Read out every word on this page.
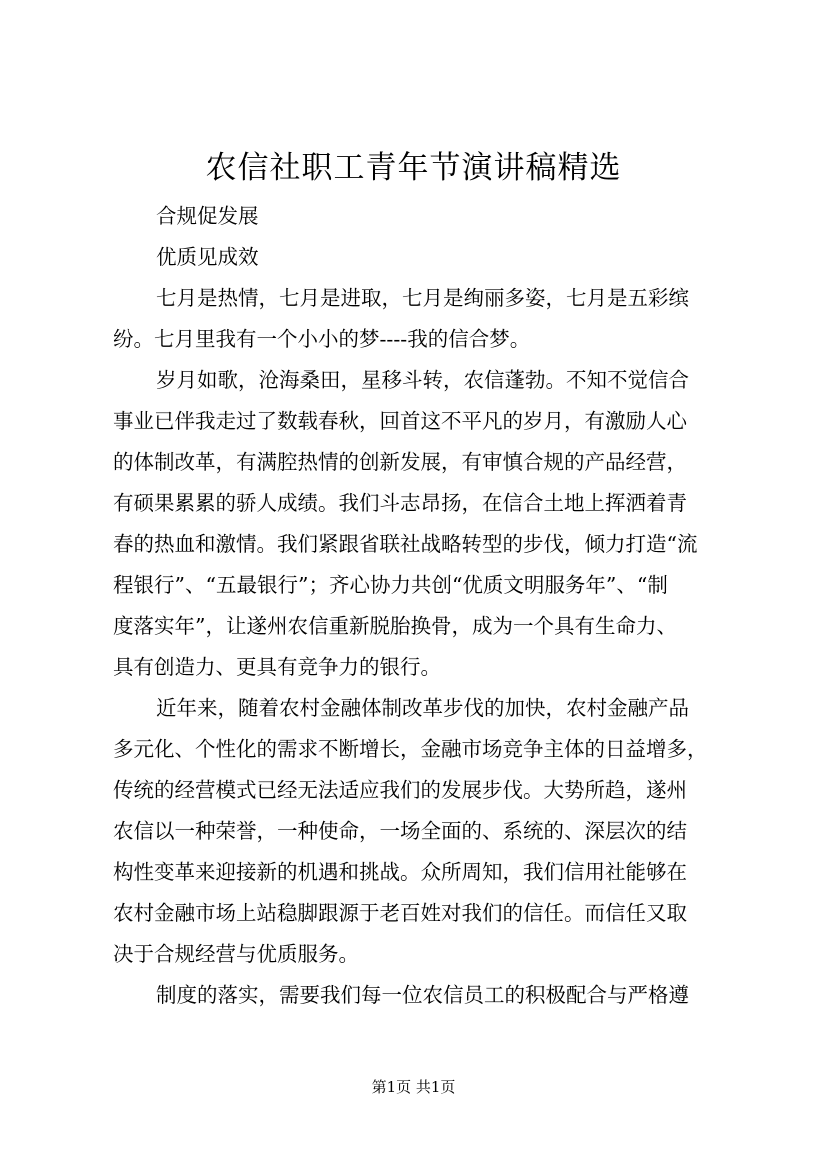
农信社职工青年节演讲稿精选
合规促发展
优质见成效
七月是热情，七月是进取，七月是绚丽多姿，七月是五彩缤
纷。七月里我有一个小小的梦----我的信合梦。
岁月如歌，沧海桑田，星移斗转，农信蓬勃。不知不觉信合
事业已伴我走过了数载春秋，回首这不平凡的岁月，有激励人心
的体制改革，有满腔热情的创新发展，有审慎合规的产品经营，
有硕果累累的骄人成绩。我们斗志昂扬，在信合土地上挥洒着青
春的热血和激情。我们紧跟省联社战略转型的步伐，倾力打造“流
程银行”、“五最银行”；齐心协力共创“优质文明服务年”、“制
度落实年”，让遂州农信重新脱胎换骨，成为一个具有生命力、
具有创造力、更具有竞争力的银行。
近年来，随着农村金融体制改革步伐的加快，农村金融产品
多元化、个性化的需求不断增长，金融市场竞争主体的日益增多，
传统的经营模式已经无法适应我们的发展步伐。大势所趋，遂州
农信以一种荣誉，一种使命，一场全面的、系统的、深层次的结
构性变革来迎接新的机遇和挑战。众所周知，我们信用社能够在
农村金融市场上站稳脚跟源于老百姓对我们的信任。而信任又取
决于合规经营与优质服务。
制度的落实，需要我们每一位农信员工的积极配合与严格遵
第1页 共1页
